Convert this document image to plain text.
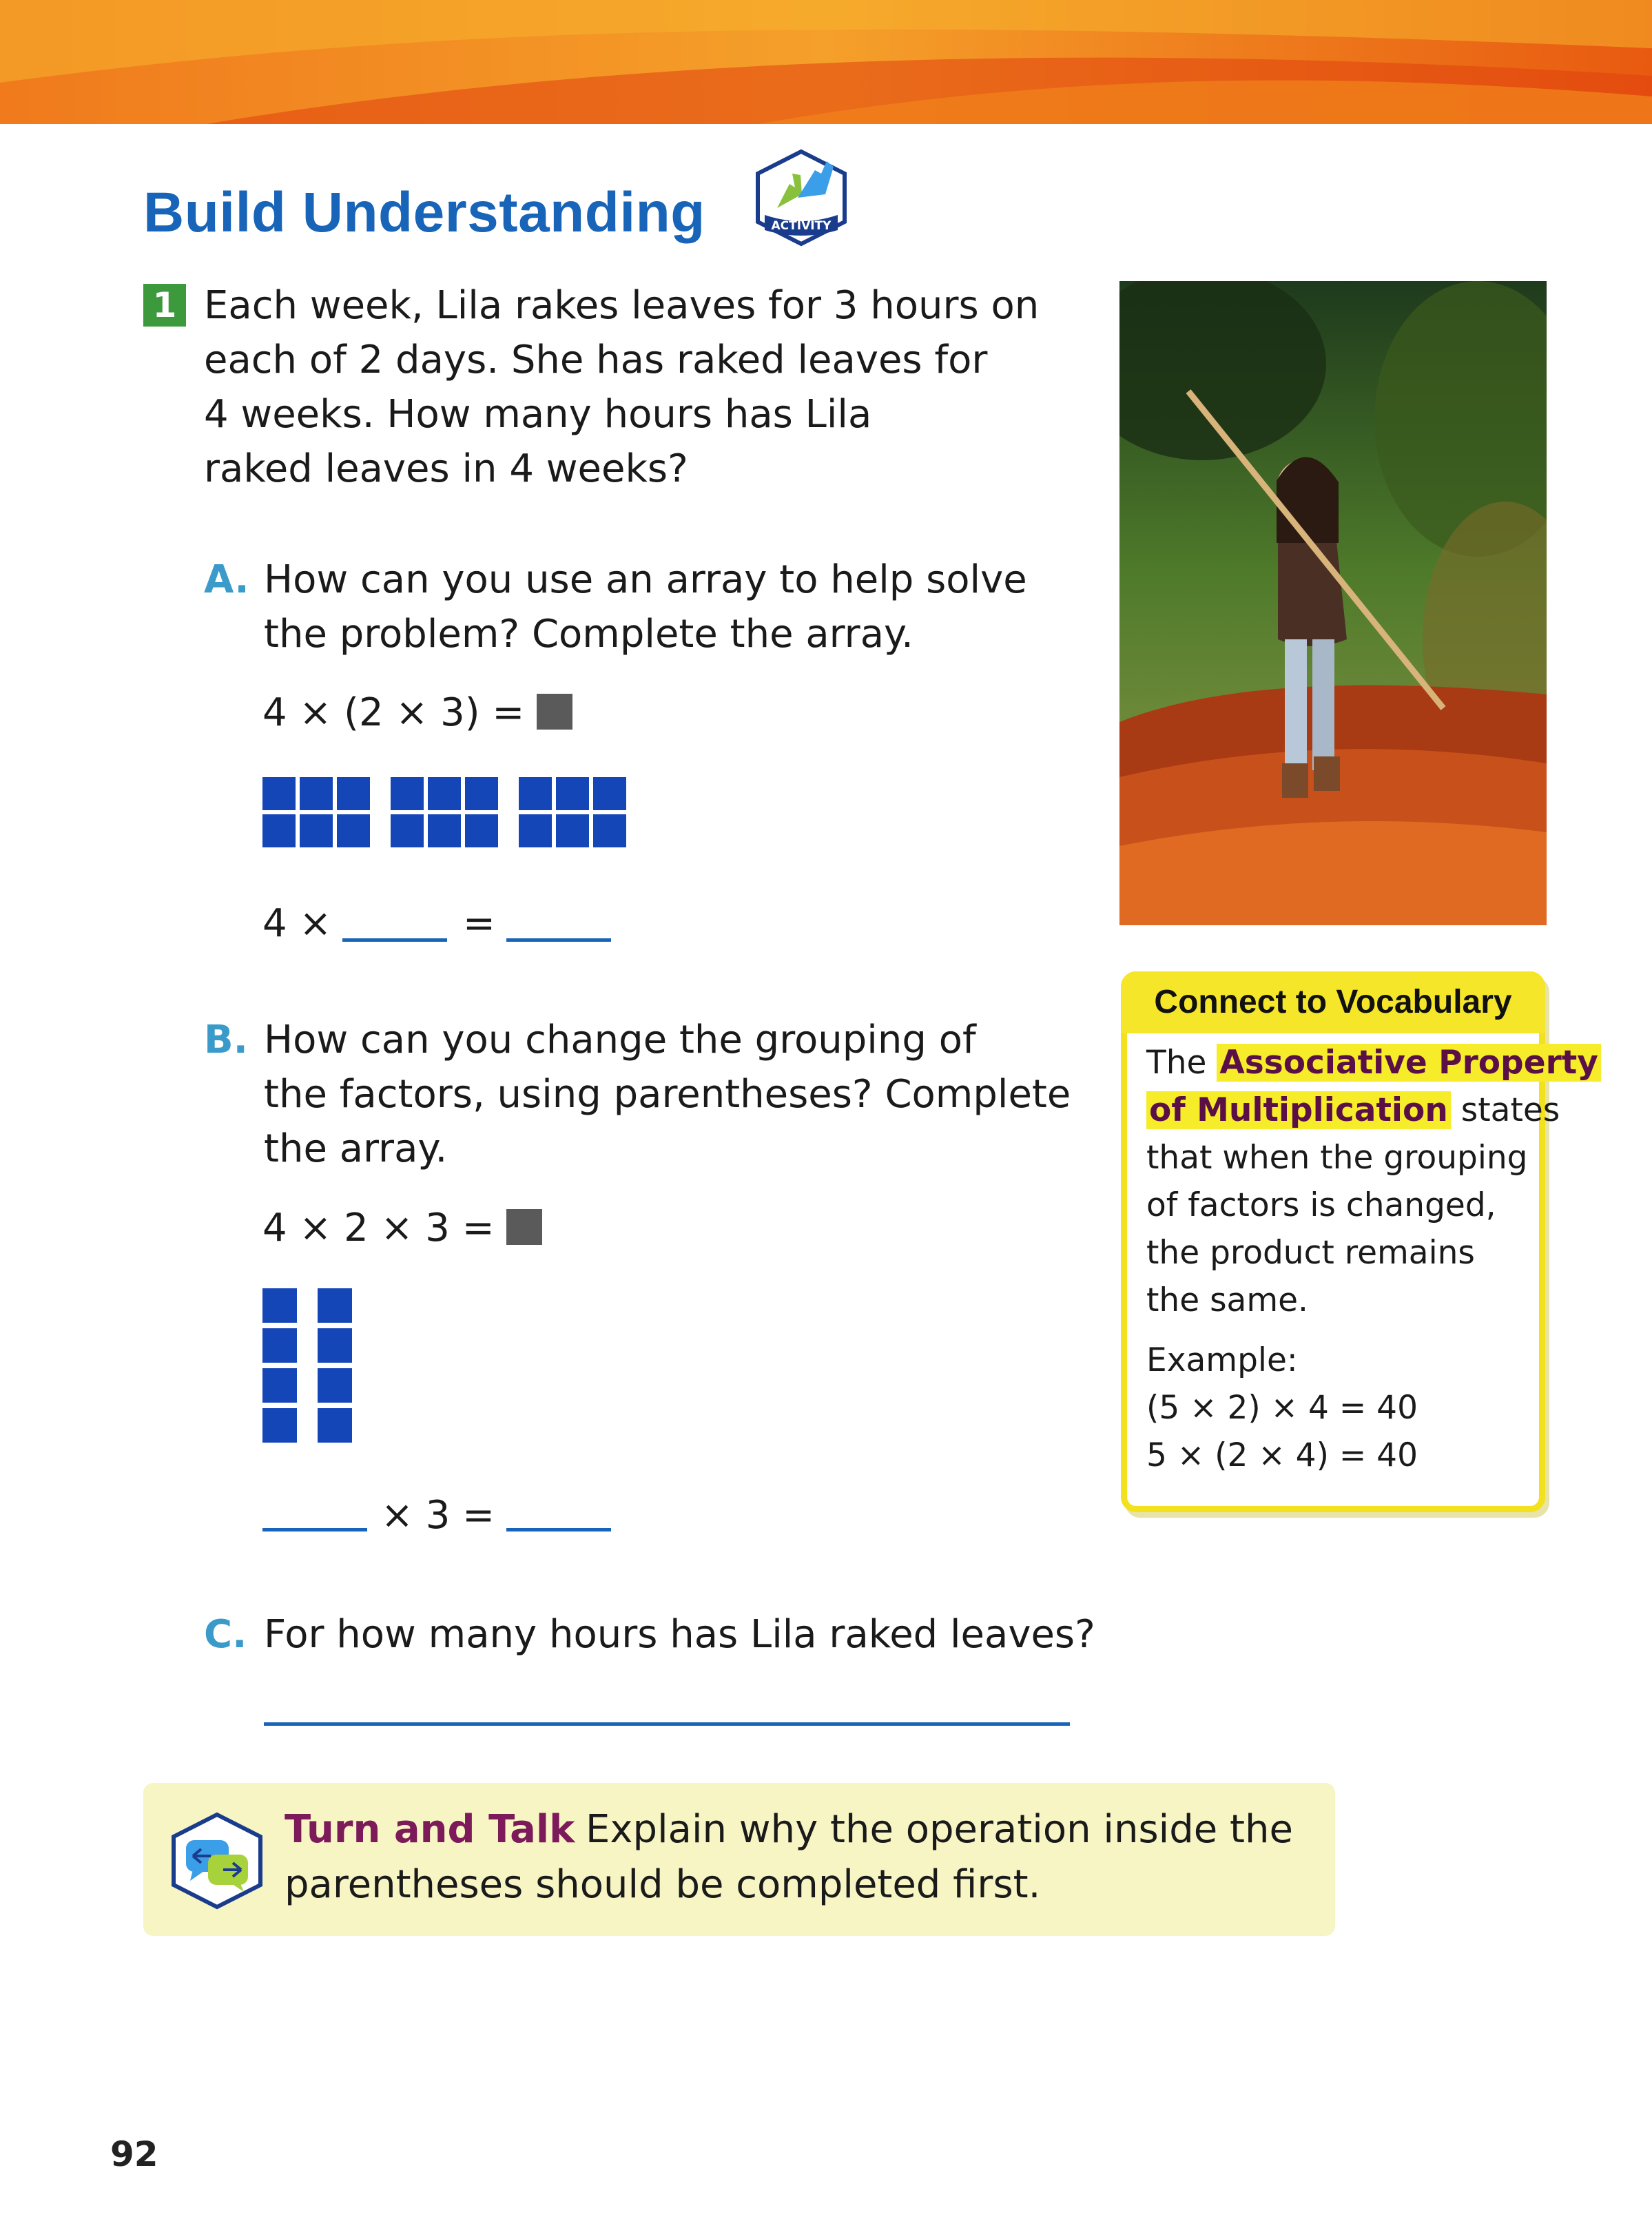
Build Understanding	ACTIVITY
1 Each week, Lila rakes leaves for 3 hours on
each of 2 days. She has raked leaves for
4 weeks. How many hours has Lila
raked leaves in 4 weeks?
A. How can you use an array to help solve
the problem? Complete the array.
4 × (2 × 3) =
4 ×	=
B. How can you change the grouping of
the factors, using parentheses? Complete
the array.
4 × 2 × 3 =
× 3 =
C. For how many hours has Lila raked leaves?
Connect to Vocabulary
The Associative Property
of Multiplication states
that when the grouping
of factors is changed,
the product remains
the same.
Example:
(5 × 2) × 4 = 40
5 × (2 × 4) = 40
Turn and Talk Explain why the operation inside the
parentheses should be completed first.
92
